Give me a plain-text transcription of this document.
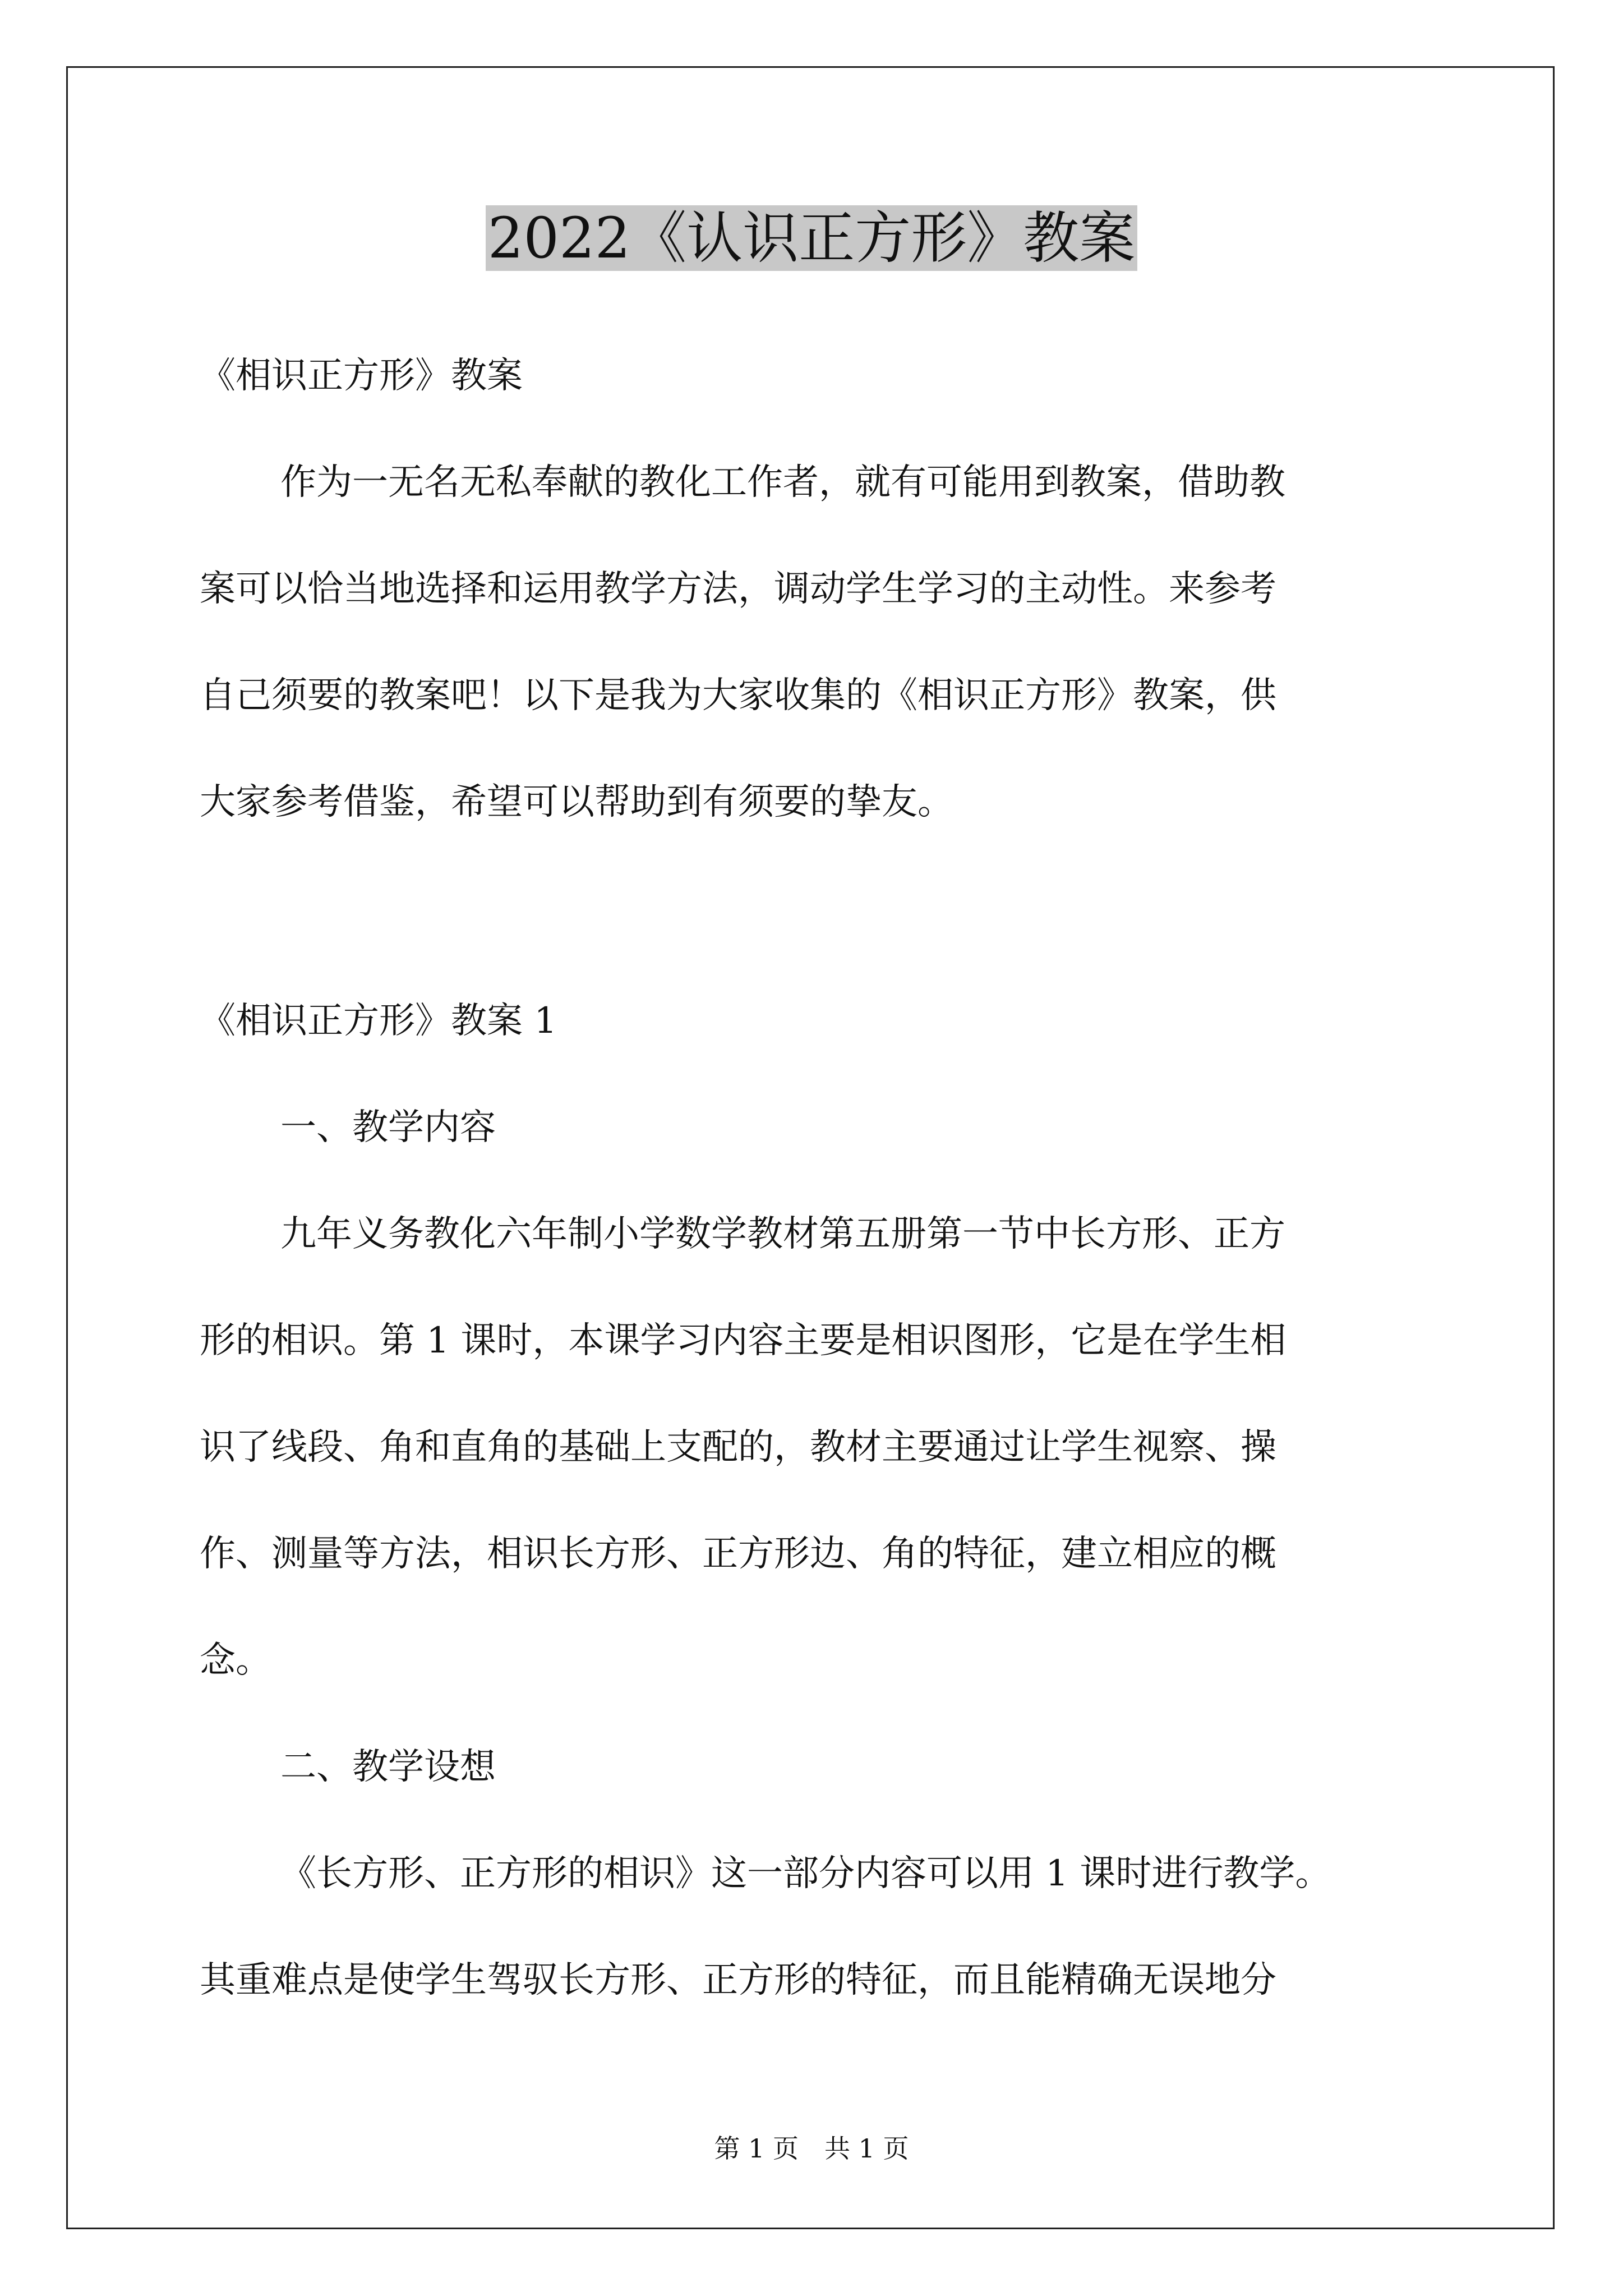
2022《认识正方形》教案

《相识正方形》教案

作为一无名无私奉献的教化工作者，就有可能用到教案，借助教

案可以恰当地选择和运用教学方法，调动学生学习的主动性。来参考

自己须要的教案吧！以下是我为大家收集的《相识正方形》教案，供

大家参考借鉴，希望可以帮助到有须要的挚友。

《相识正方形》教案 1

一、教学内容

九年义务教化六年制小学数学教材第五册第一节中长方形、正方

形的相识。第 1 课时，本课学习内容主要是相识图形，它是在学生相

识了线段、角和直角的基础上支配的，教材主要通过让学生视察、操

作、测量等方法，相识长方形、正方形边、角的特征，建立相应的概

念。

二、教学设想

《长方形、正方形的相识》这一部分内容可以用 1 课时进行教学。

其重难点是使学生驾驭长方形、正方形的特征，而且能精确无误地分

第 1 页　共 1 页
